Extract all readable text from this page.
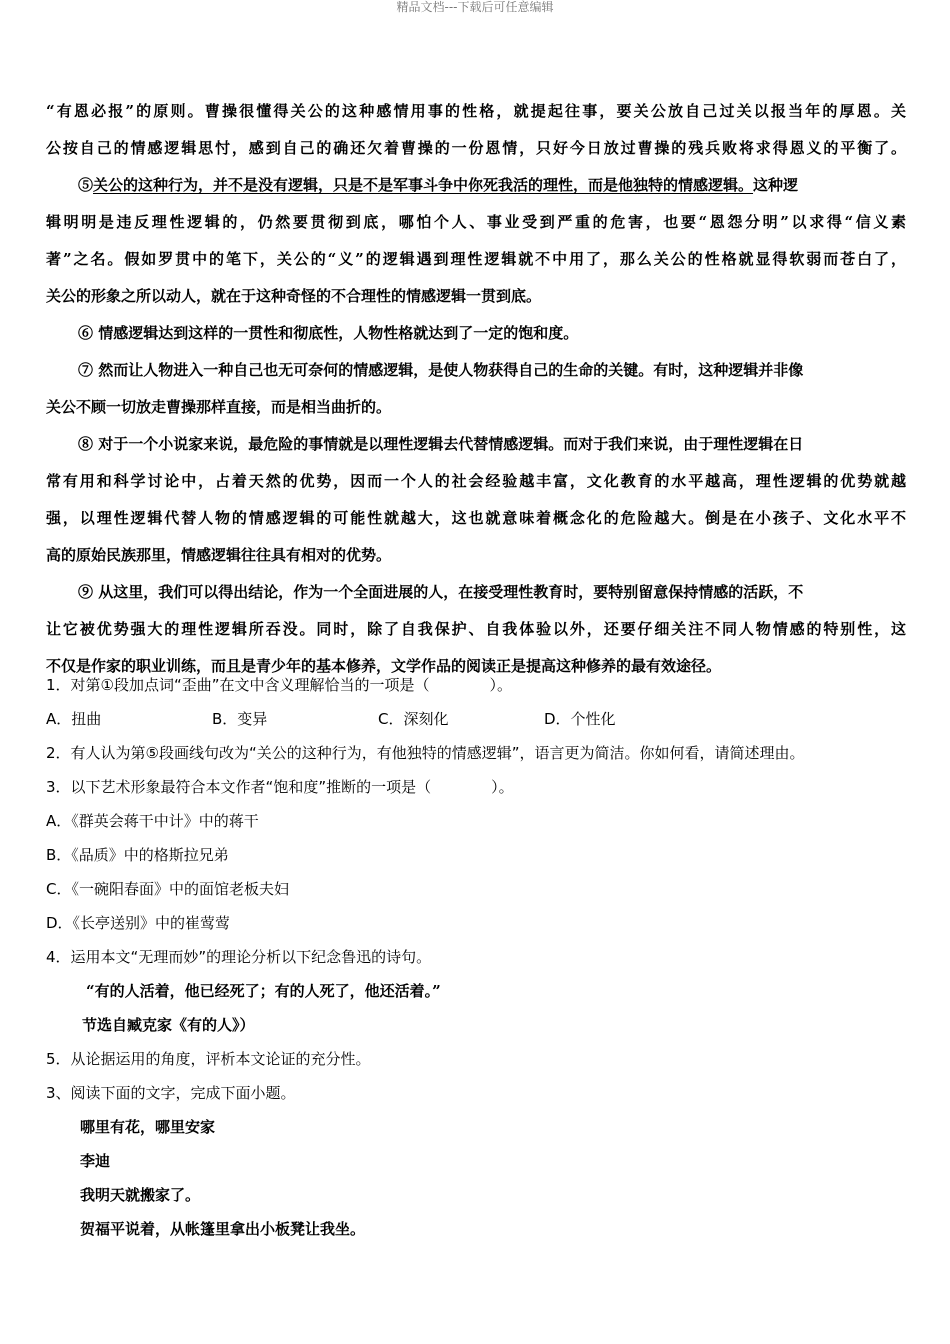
精品文档---下载后可任意编辑
“有恩必报”的原则。曹操很懂得关公的这种感情用事的性格，就提起往事，要关公放自己过关以报当年的厚恩。关
公按自己的情感逻辑思忖，感到自己的确还欠着曹操的一份恩情，只好今日放过曹操的残兵败将求得恩义的平衡了。
⑤关公的这种行为，并不是没有逻辑，只是不是军事斗争中你死我活的理性，而是他独特的情感逻辑。这种逻
辑明明是违反理性逻辑的，仍然要贯彻到底，哪怕个人、事业受到严重的危害，也要“恩怨分明”以求得“信义素
著”之名。假如罗贯中的笔下，关公的“义”的逻辑遇到理性逻辑就不中用了，那么关公的性格就显得软弱而苍白了，
关公的形象之所以动人，就在于这种奇怪的不合理性的情感逻辑一贯到底。
⑥ 情感逻辑达到这样的一贯性和彻底性，人物性格就达到了一定的饱和度。
⑦ 然而让人物进入一种自己也无可奈何的情感逻辑，是使人物获得自己的生命的关键。有时，这种逻辑并非像
关公不顾一切放走曹操那样直接，而是相当曲折的。
⑧ 对于一个小说家来说，最危险的事情就是以理性逻辑去代替情感逻辑。而对于我们来说，由于理性逻辑在日
常有用和科学讨论中，占着天然的优势，因而一个人的社会经验越丰富，文化教育的水平越高，理性逻辑的优势就越
强，以理性逻辑代替人物的情感逻辑的可能性就越大，这也就意味着概念化的危险越大。倒是在小孩子、文化水平不
高的原始民族那里，情感逻辑往往具有相对的优势。
⑨ 从这里，我们可以得出结论，作为一个全面进展的人，在接受理性教育时，要特别留意保持情感的活跃，不
让它被优势强大的理性逻辑所吞没。同时，除了自我保护、自我体验以外，还要仔细关注不同人物情感的特别性，这
不仅是作家的职业训练，而且是青少年的基本修养，文学作品的阅读正是提高这种修养的最有效途径。
1．对第①段加点词“歪曲”在文中含义理解恰当的一项是（　　　　）。
A．扭曲	B．变异	C．深刻化	D．个性化
2．有人认为第⑤段画线句改为“关公的这种行为，有他独特的情感逻辑”，语言更为简洁。你如何看，请简述理由。
3．以下艺术形象最符合本文作者“饱和度”推断的一项是（　　　　）。
A．《群英会蒋干中计》中的蒋干
B．《品质》中的格斯拉兄弟
C．《一碗阳春面》中的面馆老板夫妇
D．《长亭送别》中的崔莺莺
4．运用本文“无理而妙”的理论分析以下纪念鲁迅的诗句。
“有的人活着，他已经死了；有的人死了，他还活着。”
节选自臧克家《有的人》）
5．从论据运用的角度，评析本文论证的充分性。
3、阅读下面的文字，完成下面小题。
哪里有花，哪里安家
李迪
我明天就搬家了。
贺福平说着，从帐篷里拿出小板凳让我坐。
